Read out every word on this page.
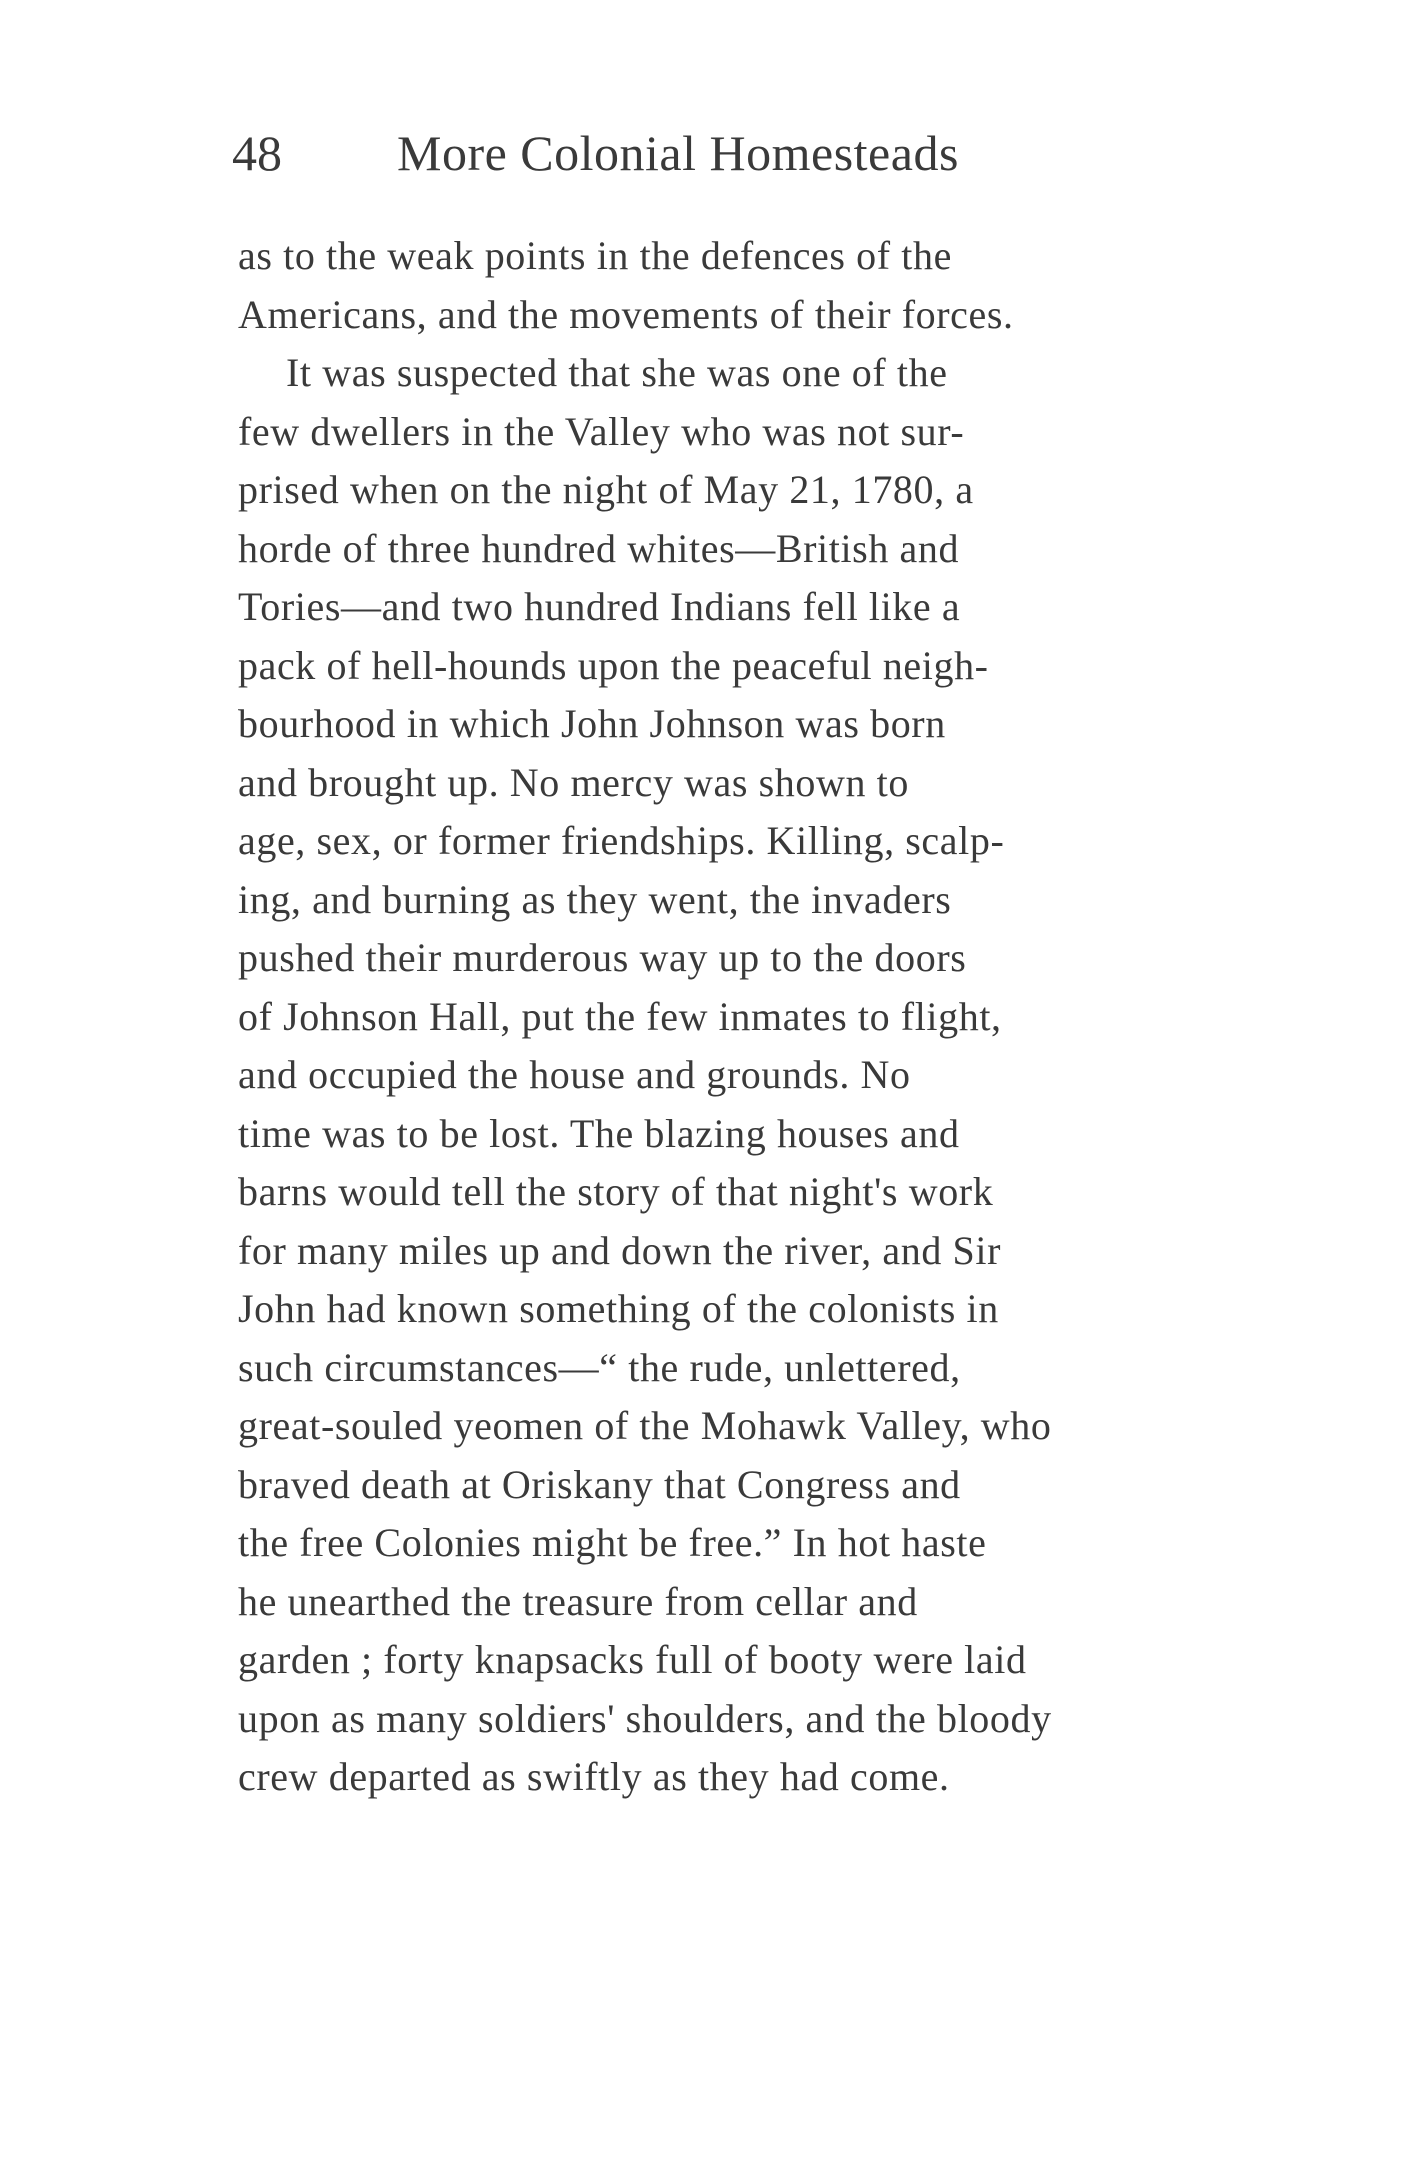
48 More Colonial Homesteads
as to the weak points in the defences of the
Americans, and the movements of their forces.
It was suspected that she was one of the
few dwellers in the Valley who was not sur-
prised when on the night of May 21, 1780, a
horde of three hundred whites—British and
Tories—and two hundred Indians fell like a
pack of hell-hounds upon the peaceful neigh-
bourhood in which John Johnson was born
and brought up. No mercy was shown to
age, sex, or former friendships. Killing, scalp-
ing, and burning as they went, the invaders
pushed their murderous way up to the doors
of Johnson Hall, put the few inmates to flight,
and occupied the house and grounds. No
time was to be lost. The blazing houses and
barns would tell the story of that night's work
for many miles up and down the river, and Sir
John had known something of the colonists in
such circumstances—“ the rude, unlettered,
great-souled yeomen of the Mohawk Valley, who
braved death at Oriskany that Congress and
the free Colonies might be free.” In hot haste
he unearthed the treasure from cellar and
garden ; forty knapsacks full of booty were laid
upon as many soldiers' shoulders, and the bloody
crew departed as swiftly as they had come.
